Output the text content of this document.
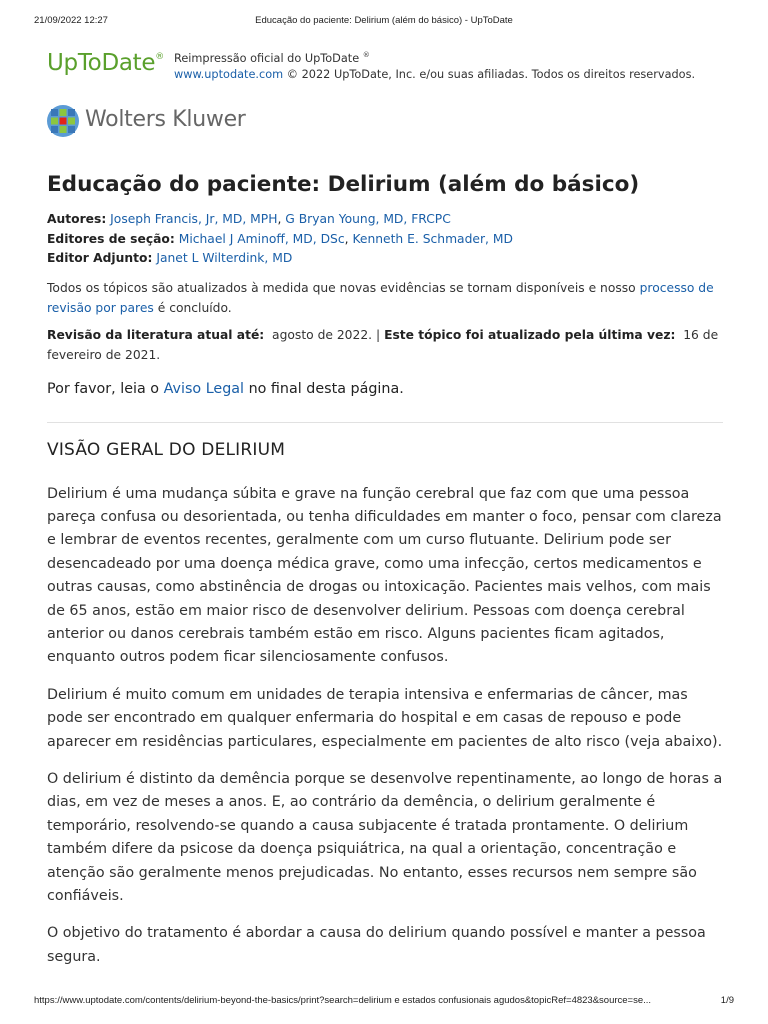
21/09/2022 12:27	Educação do paciente: Delirium (além do básico) - UpToDate
UpToDate® Reimpressão oficial do UpToDate ®
www.uptodate.com © 2022 UpToDate, Inc. e/ou suas afiliadas. Todos os direitos reservados.
Wolters Kluwer
Educação do paciente: Delirium (além do básico)
Autores: Joseph Francis, Jr, MD, MPH, G Bryan Young, MD, FRCPC
Editores de seção: Michael J Aminoff, MD, DSc, Kenneth E. Schmader, MD
Editor Adjunto: Janet L Wilterdink, MD
Todos os tópicos são atualizados à medida que novas evidências se tornam disponíveis e nosso processo de revisão por pares é concluído.
Revisão da literatura atual até: agosto de 2022. | Este tópico foi atualizado pela última vez: 16 de fevereiro de 2021.
Por favor, leia o Aviso Legal no final desta página.
VISÃO GERAL DO DELIRIUM

Delirium é uma mudança súbita e grave na função cerebral que faz com que uma pessoa pareça confusa ou desorientada, ou tenha dificuldades em manter o foco, pensar com clareza e lembrar de eventos recentes, geralmente com um curso flutuante. Delirium pode ser desencadeado por uma doença médica grave, como uma infecção, certos medicamentos e outras causas, como abstinência de drogas ou intoxicação. Pacientes mais velhos, com mais de 65 anos, estão em maior risco de desenvolver delirium. Pessoas com doença cerebral anterior ou danos cerebrais também estão em risco. Alguns pacientes ficam agitados, enquanto outros podem ficar silenciosamente confusos.

Delirium é muito comum em unidades de terapia intensiva e enfermarias de câncer, mas pode ser encontrado em qualquer enfermaria do hospital e em casas de repouso e pode aparecer em residências particulares, especialmente em pacientes de alto risco (veja abaixo).

O delirium é distinto da demência porque se desenvolve repentinamente, ao longo de horas a dias, em vez de meses a anos. E, ao contrário da demência, o delirium geralmente é temporário, resolvendo-se quando a causa subjacente é tratada prontamente. O delirium também difere da psicose da doença psiquiátrica, na qual a orientação, concentração e atenção são geralmente menos prejudicadas. No entanto, esses recursos nem sempre são confiáveis.

O objetivo do tratamento é abordar a causa do delirium quando possível e manter a pessoa segura.

https://www.uptodate.com/contents/delirium-beyond-the-basics/print?search=delirium e estados confusionais agudos&topicRef=4823&source=se...	1/9
